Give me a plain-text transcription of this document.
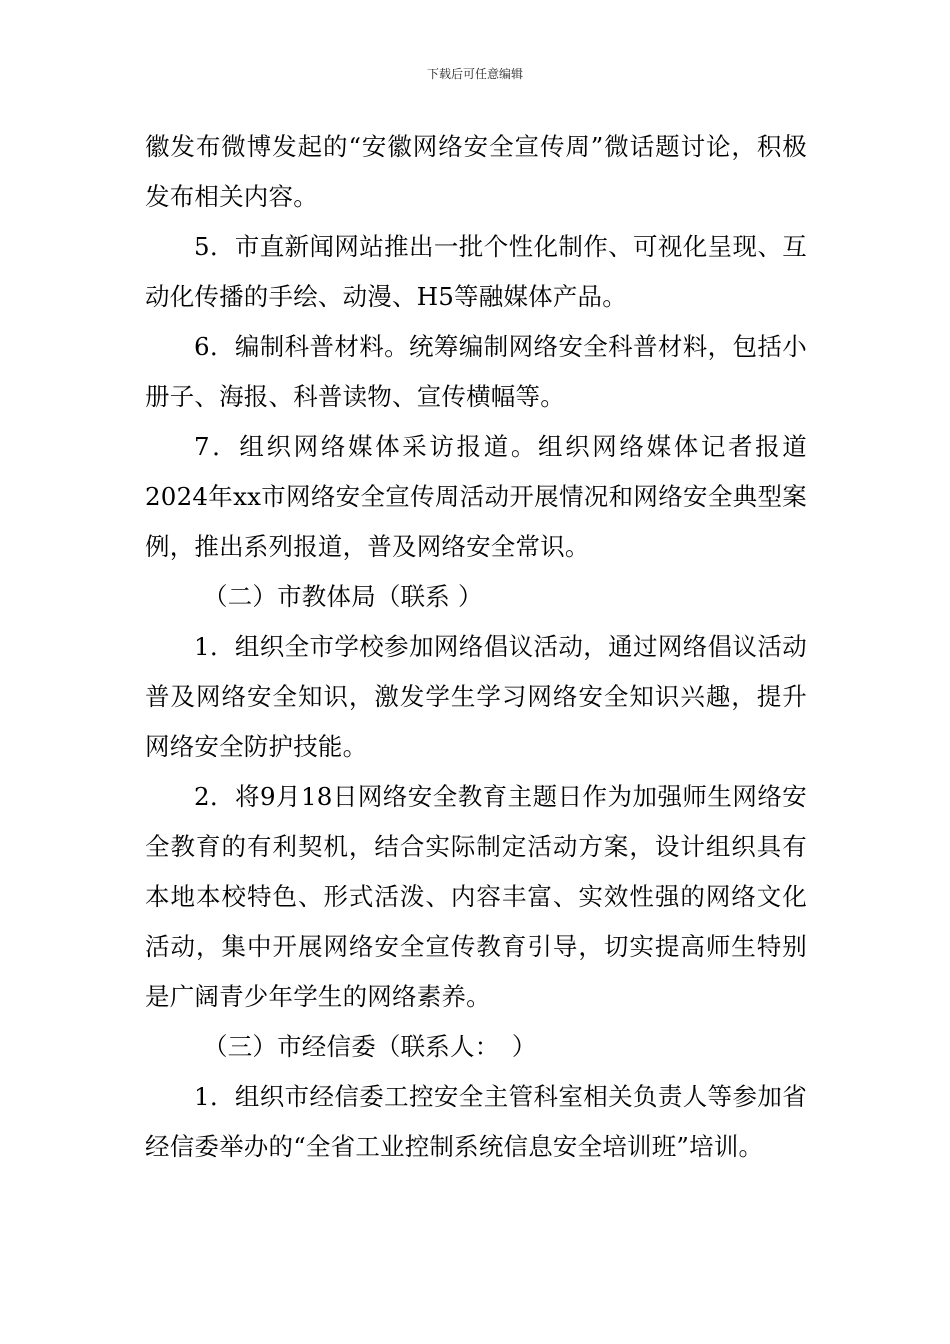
下载后可任意编辑

徽发布微博发起的“安徽网络安全宣传周”微话题讨论，积极发布相关内容。

5．市直新闻网站推出一批个性化制作、可视化呈现、互动化传播的手绘、动漫、H5等融媒体产品。

6．编制科普材料。统筹编制网络安全科普材料，包括小册子、海报、科普读物、宣传横幅等。

7．组织网络媒体采访报道。组织网络媒体记者报道2024年xx市网络安全宣传周活动开展情况和网络安全典型案例，推出系列报道，普及网络安全常识。

（二）市教体局（联系 ）

1．组织全市学校参加网络倡议活动，通过网络倡议活动普及网络安全知识，激发学生学习网络安全知识兴趣，提升网络安全防护技能。

2．将9月18日网络安全教育主题日作为加强师生网络安全教育的有利契机，结合实际制定活动方案，设计组织具有本地本校特色、形式活泼、内容丰富、实效性强的网络文化活动，集中开展网络安全宣传教育引导，切实提高师生特别是广阔青少年学生的网络素养。

（三）市经信委（联系人：　）

1．组织市经信委工控安全主管科室相关负责人等参加省经信委举办的“全省工业控制系统信息安全培训班”培训。
